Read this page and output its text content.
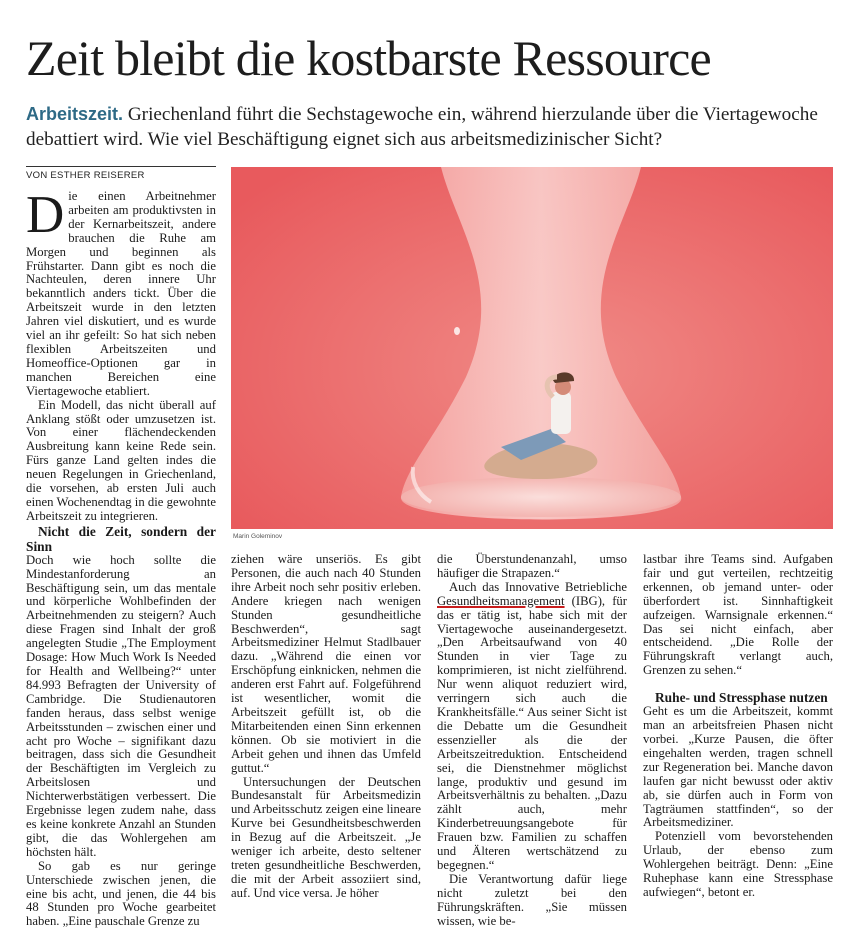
Zeit bleibt die kostbarste Ressource

Arbeitszeit. Griechenland führt die Sechstagewoche ein, während hierzulande über die Viertagewoche debattiert wird. Wie viel Beschäftigung eignet sich aus arbeitsmedizinischer Sicht?

VON ESTHER REISERER

Die einen Arbeitnehmer arbeiten am produktivsten in der Kernarbeitszeit, andere brauchen die Ruhe am Morgen und beginnen als Frühstarter. Dann gibt es noch die Nachteulen, deren innere Uhr bekanntlich anders tickt. Über die Arbeitszeit wurde in den letzten Jahren viel diskutiert, und es wurde viel an ihr gefeilt: So hat sich neben flexiblen Arbeitszeiten und Homeoffice-Optionen gar in manchen Bereichen eine Viertagewoche etabliert.

Ein Modell, das nicht überall auf Anklang stößt oder umzusetzen ist. Von einer flächendeckenden Ausbreitung kann keine Rede sein. Fürs ganze Land gelten indes die neuen Regelungen in Griechenland, die vorsehen, ab ersten Juli auch einen Wochenendtag in die gewohnte Arbeitszeit zu integrieren.

Nicht die Zeit, sondern der Sinn

Doch wie hoch sollte die Mindestanforderung an Beschäftigung sein, um das mentale und körperliche Wohlbefinden der Arbeitnehmenden zu steigern? Auch diese Fragen sind Inhalt der groß angelegten Studie „The Employment Dosage: How Much Work Is Needed for Health and Wellbeing?“ unter 84.993 Befragten der University of Cambridge. Die Studienautoren fanden heraus, dass selbst wenige Arbeitsstunden – zwischen einer und acht pro Woche – signifikant dazu beitragen, dass sich die Gesundheit der Beschäftigten im Vergleich zu Arbeitslosen und Nichterwerbstätigen verbessert. Die Ergebnisse legen zudem nahe, dass es keine konkrete Anzahl an Stunden gibt, die das Wohlergehen am höchsten hält.

So gab es nur geringe Unterschiede zwischen jenen, die eine bis acht, und jenen, die 44 bis 48 Stunden pro Woche gearbeitet haben. „Eine pauschale Grenze zu

Marin Goleminov

ziehen wäre unseriös. Es gibt Personen, die auch nach 40 Stunden ihre Arbeit noch sehr positiv erleben. Andere kriegen nach wenigen Stunden gesundheitliche Beschwerden“, sagt Arbeitsmediziner Helmut Stadlbauer dazu. „Während die einen vor Erschöpfung einknicken, nehmen die anderen erst Fahrt auf. Folgeführend ist wesentlicher, womit die Arbeitszeit gefüllt ist, ob die Mitarbeitenden einen Sinn erkennen können. Ob sie motiviert in die Arbeit gehen und ihnen das Umfeld guttut.“

Untersuchungen der Deutschen Bundesanstalt für Arbeitsmedizin und Arbeitsschutz zeigen eine lineare Kurve bei Gesundheitsbeschwerden in Bezug auf die Arbeitszeit. „Je weniger ich arbeite, desto seltener treten gesundheitliche Beschwerden, die mit der Arbeit assoziiert sind, auf. Und vice versa. Je höher

die Überstundenanzahl, umso häufiger die Strapazen.“

Auch das Innovative Betriebliche Gesundheitsmanagement (IBG), für das er tätig ist, habe sich mit der Viertagewoche auseinandergesetzt. „Den Arbeitsaufwand von 40 Stunden in vier Tage zu komprimieren, ist nicht zielführend. Nur wenn aliquot reduziert wird, verringern sich auch die Krankheitsfälle.“ Aus seiner Sicht ist die Debatte um die Gesundheit essenzieller als die der Arbeitszeitreduktion. Entscheidend sei, die Dienstnehmer möglichst lange, produktiv und gesund im Arbeitsverhältnis zu behalten. „Dazu zählt auch, mehr Kinderbetreuungsangebote für Frauen bzw. Familien zu schaffen und Älteren wertschätzend zu begegnen.“

Die Verantwortung dafür liege nicht zuletzt bei den Führungskräften. „Sie müssen wissen, wie be-

lastbar ihre Teams sind. Aufgaben fair und gut verteilen, rechtzeitig erkennen, ob jemand unter- oder überfordert ist. Sinnhaftigkeit aufzeigen. Warnsignale erkennen.“ Das sei nicht einfach, aber entscheidend. „Die Rolle der Führungskraft verlangt auch, Grenzen zu sehen.“

Ruhe- und Stressphase nutzen

Geht es um die Arbeitszeit, kommt man an arbeitsfreien Phasen nicht vorbei. „Kurze Pausen, die öfter eingehalten werden, tragen schnell zur Regeneration bei. Manche davon laufen gar nicht bewusst oder aktiv ab, sie dürfen auch in Form von Tagträumen stattfinden“, so der Arbeitsmediziner.

Potenziell vom bevorstehenden Urlaub, der ebenso zum Wohlergehen beiträgt. Denn: „Eine Ruhephase kann eine Stressphase aufwiegen“, betont er.
